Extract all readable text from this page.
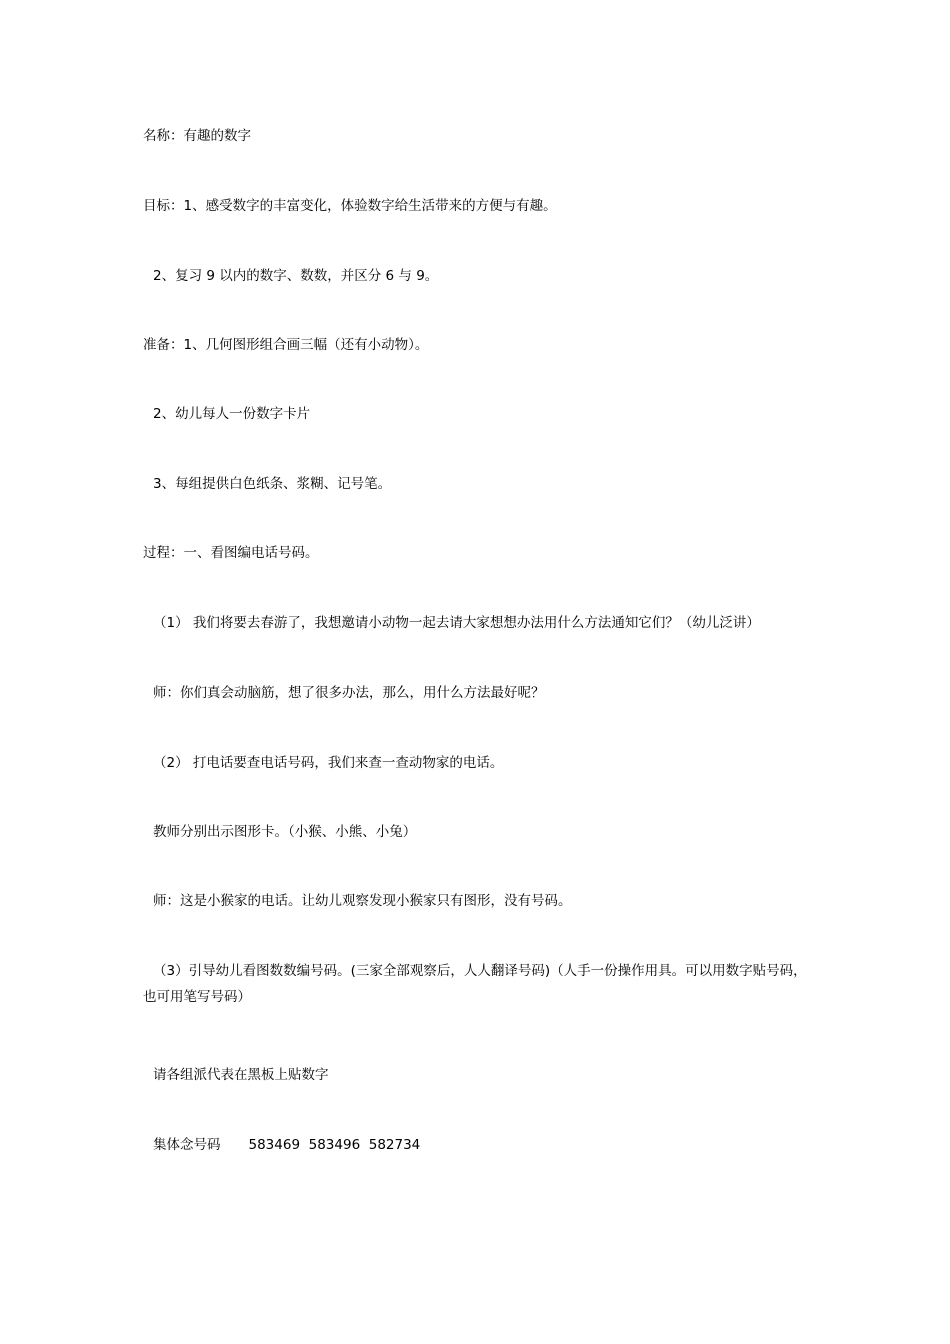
名称：有趣的数字
目标：1、感受数字的丰富变化，体验数字给生活带来的方便与有趣。
2、复习 9 以内的数字、数数，并区分 6 与 9。
准备：1、几何图形组合画三幅（还有小动物）。
2、幼儿每人一份数字卡片
3、每组提供白色纸条、浆糊、记号笔。
过程：一、看图编电话号码。
（1） 我们将要去春游了，我想邀请小动物一起去请大家想想办法用什么方法通知它们？（幼儿泛讲）
师：你们真会动脑筋，想了很多办法，那么，用什么方法最好呢？
（2） 打电话要查电话号码，我们来查一查动物家的电话。
教师分别出示图形卡。（小猴、小熊、小兔）
师：这是小猴家的电话。让幼儿观察发现小猴家只有图形，没有号码。
（3）引导幼儿看图数数编号码。(三家全部观察后，人人翻译号码)（人手一份操作用具。可以用数字贴号码，也可用笔写号码）
请各组派代表在黑板上贴数字
集体念号码 583469  583496  582734
